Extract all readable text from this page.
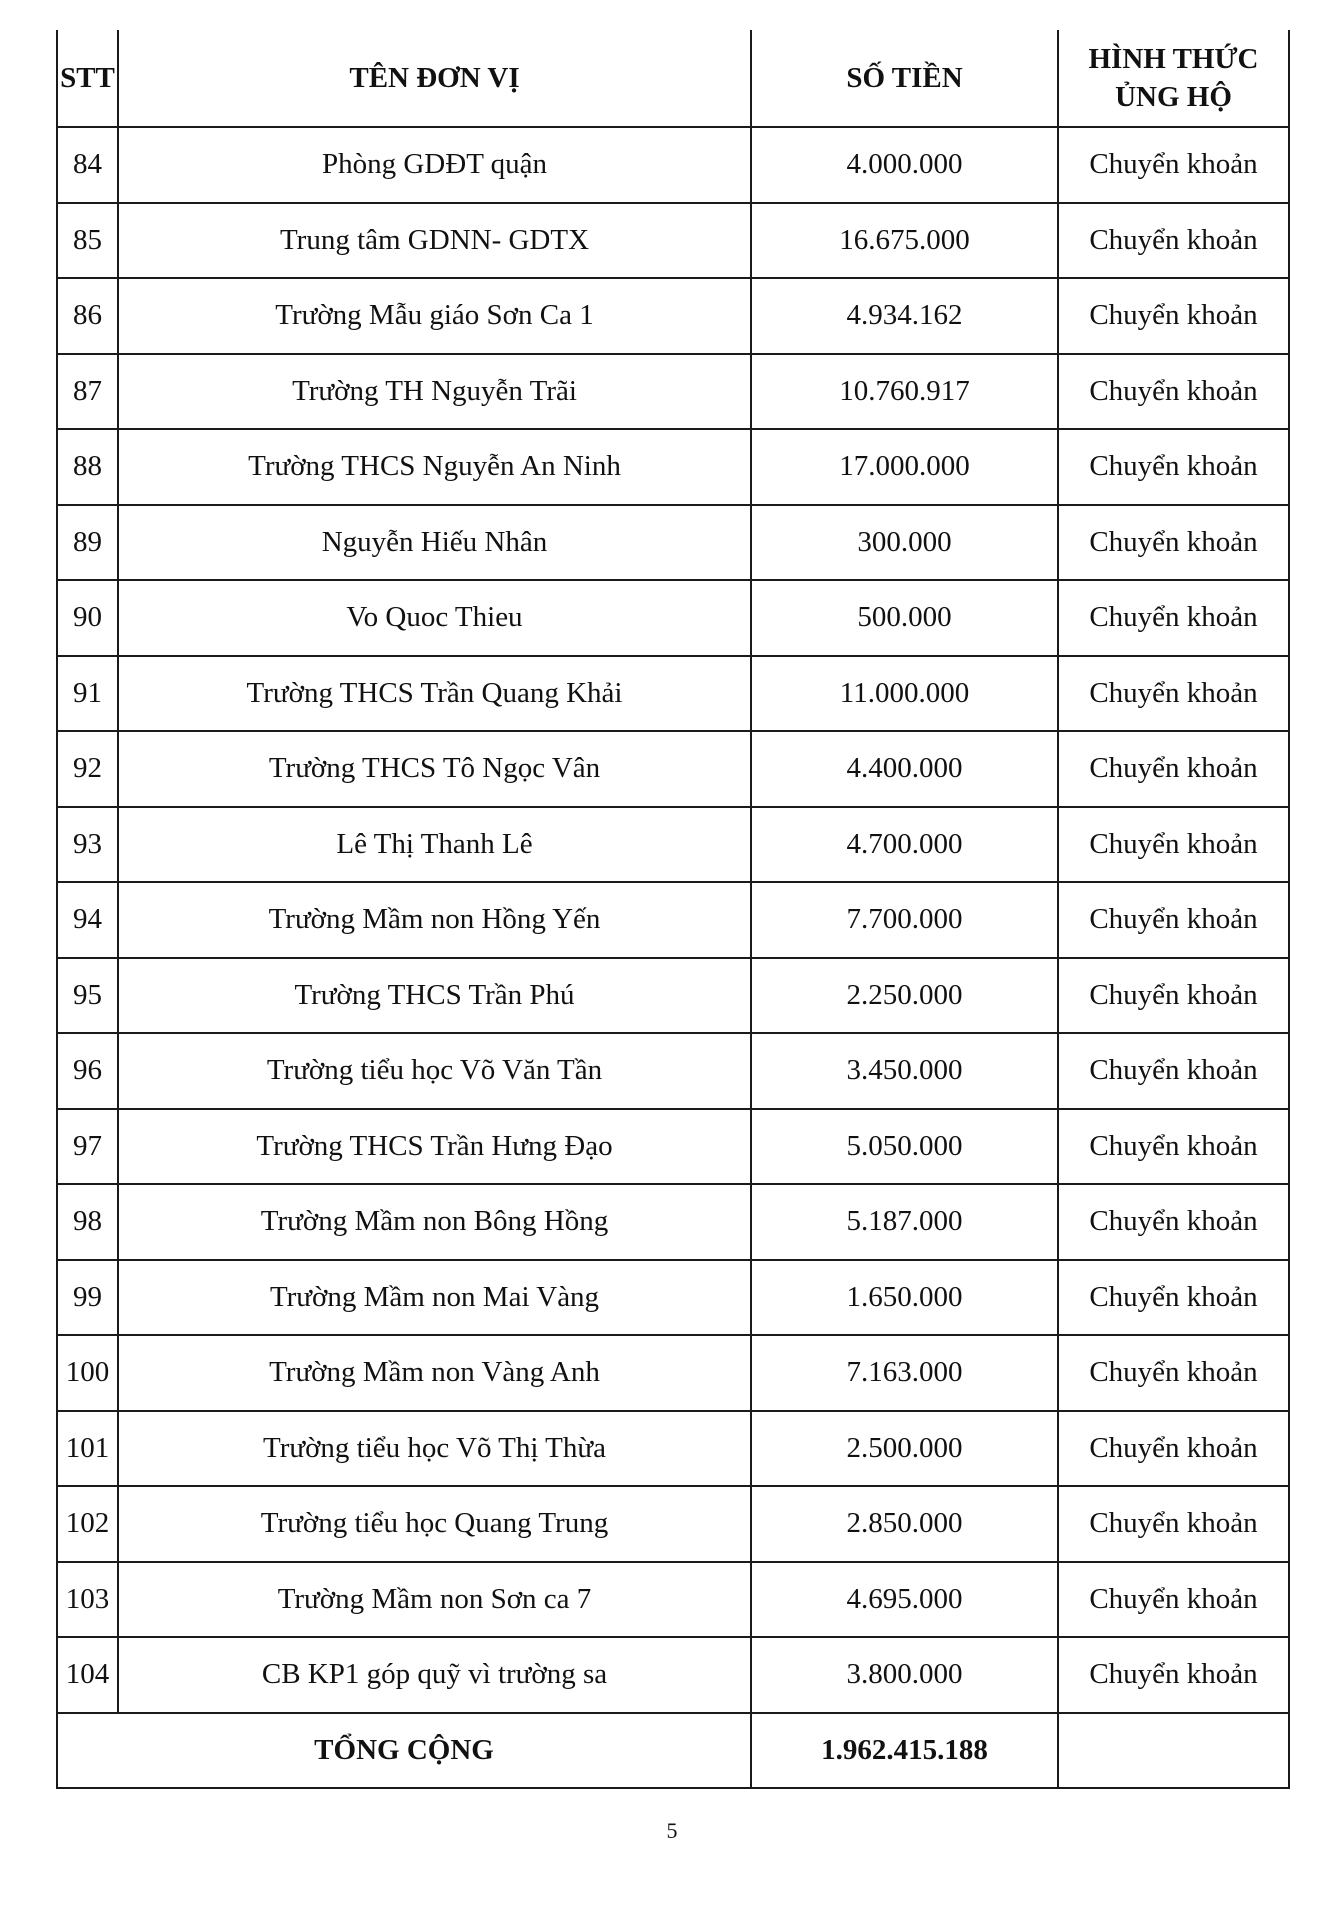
STT	TÊN ĐƠN VỊ	SỐ TIỀN	HÌNH THỨC
ỦNG HỘ

84	Phòng GDĐT quận	4.000.000	Chuyển khoản
85	Trung tâm GDNN- GDTX	16.675.000	Chuyển khoản
86	Trường Mẫu giáo Sơn Ca 1	4.934.162	Chuyển khoản
87	Trường TH Nguyễn Trãi	10.760.917	Chuyển khoản
88	Trường THCS Nguyễn An Ninh	17.000.000	Chuyển khoản
89	Nguyễn Hiếu Nhân	300.000	Chuyển khoản
90	Vo Quoc Thieu	500.000	Chuyển khoản
91	Trường THCS Trần Quang Khải	11.000.000	Chuyển khoản
92	Trường THCS Tô Ngọc Vân	4.400.000	Chuyển khoản
93	Lê Thị Thanh Lê	4.700.000	Chuyển khoản
94	Trường Mầm non Hồng Yến	7.700.000	Chuyển khoản
95	Trường THCS Trần Phú	2.250.000	Chuyển khoản
96	Trường tiểu học Võ Văn Tần	3.450.000	Chuyển khoản
97	Trường THCS Trần Hưng Đạo	5.050.000	Chuyển khoản
98	Trường Mầm non Bông Hồng	5.187.000	Chuyển khoản
99	Trường Mầm non Mai Vàng	1.650.000	Chuyển khoản
100	Trường Mầm non Vàng Anh	7.163.000	Chuyển khoản
101	Trường tiểu học Võ Thị Thừa	2.500.000	Chuyển khoản
102	Trường tiểu học Quang Trung	2.850.000	Chuyển khoản
103	Trường Mầm non Sơn ca 7	4.695.000	Chuyển khoản
104	CB KP1 góp quỹ vì trường sa	3.800.000	Chuyển khoản
TỔNG CỘNG		1.962.415.188	
5
